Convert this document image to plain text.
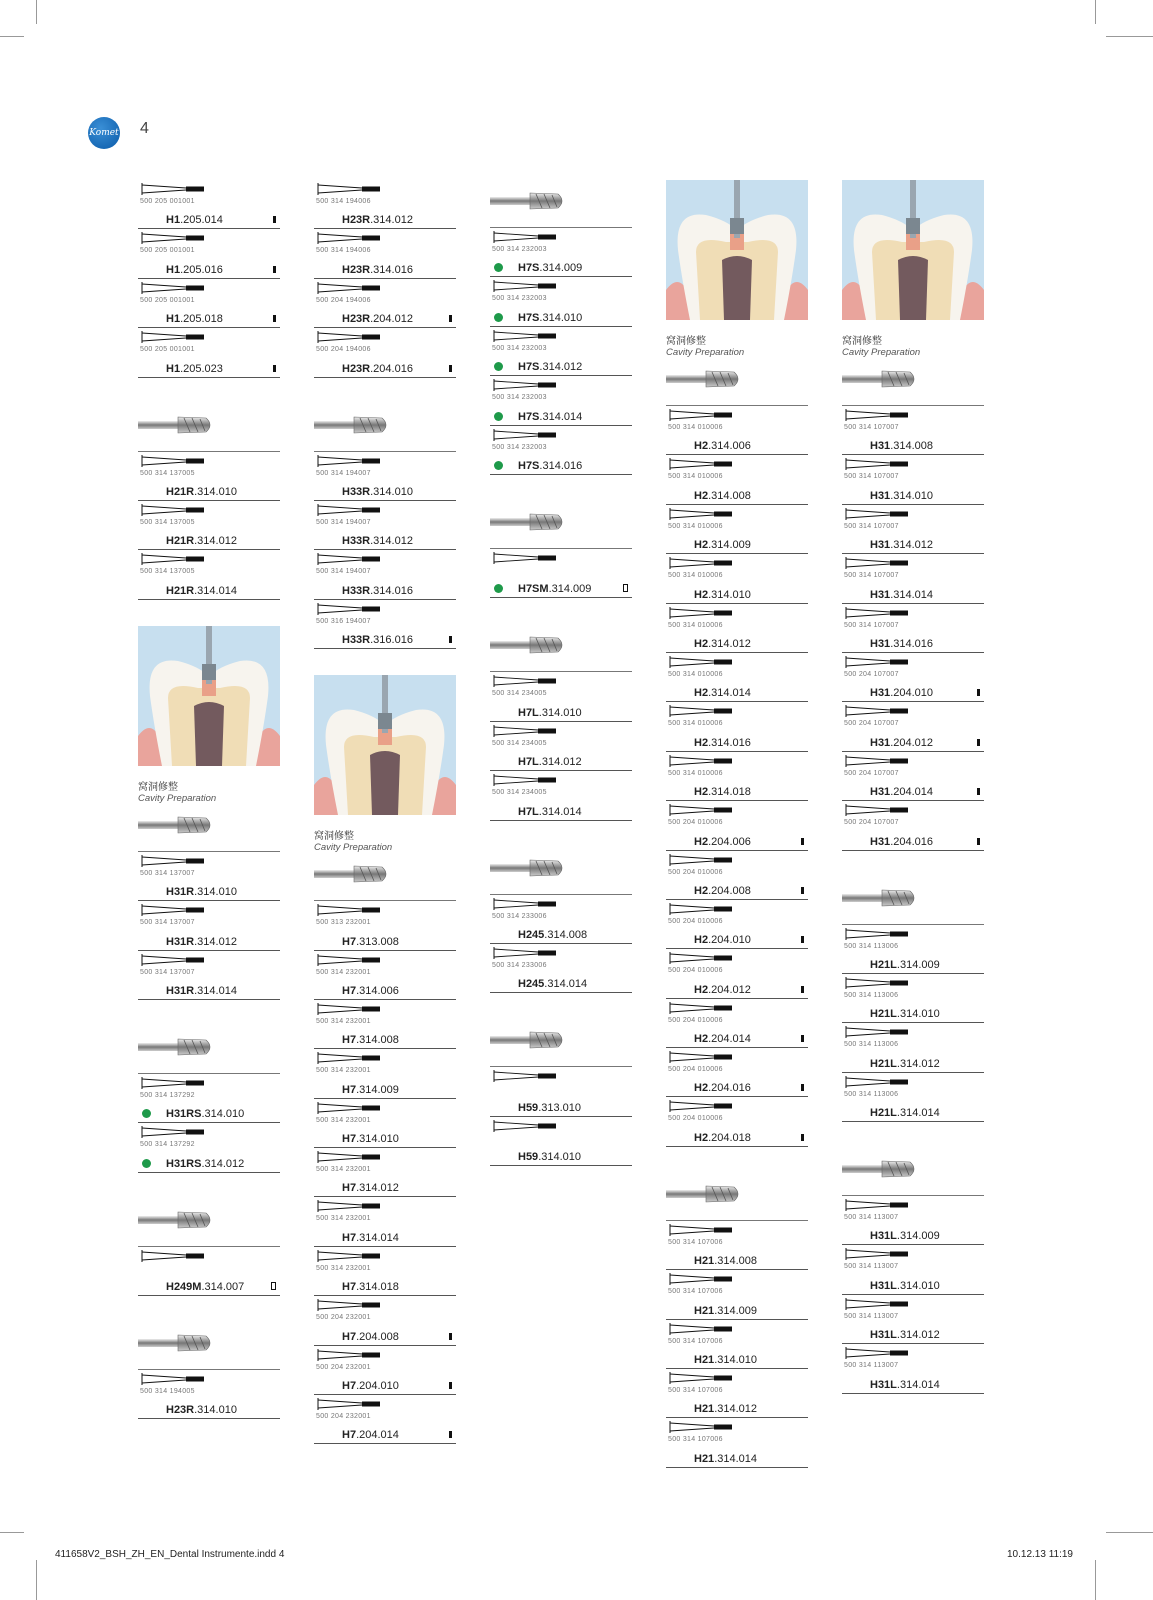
Komet 4
411658V2_BSH_ZH_EN_Dental Instrumente.indd 4	10.12.13 11:19
500 205 001001
H1.205.014
500 205 001001
H1.205.016
500 205 001001
H1.205.018
500 205 001001
H1.205.023
500 314 137005
H21R.314.010
500 314 137005
H21R.314.012
500 314 137005
H21R.314.014
窝洞修整
Cavity Preparation
500 314 137007
H31R.314.010
500 314 137007
H31R.314.012
500 314 137007
H31R.314.014
500 314 137292
H31RS.314.010
500 314 137292
H31RS.314.012
H249M.314.007
500 314 194005
H23R.314.010
500 314 194006
H23R.314.012
500 314 194006
H23R.314.016
500 204 194006
H23R.204.012
500 204 194006
H23R.204.016
500 314 194007
H33R.314.010
500 314 194007
H33R.314.012
500 314 194007
H33R.314.016
500 316 194007
H33R.316.016
窝洞修整
Cavity Preparation
500 313 232001
H7.313.008
500 314 232001
H7.314.006
500 314 232001
H7.314.008
500 314 232001
H7.314.009
500 314 232001
H7.314.010
500 314 232001
H7.314.012
500 314 232001
H7.314.014
500 314 232001
H7.314.018
500 204 232001
H7.204.008
500 204 232001
H7.204.010
500 204 232001
H7.204.014
500 314 232003
H7S.314.009
500 314 232003
H7S.314.010
500 314 232003
H7S.314.012
500 314 232003
H7S.314.014
500 314 232003
H7S.314.016
H7SM.314.009
500 314 234005
H7L.314.010
500 314 234005
H7L.314.012
500 314 234005
H7L.314.014
500 314 233006
H245.314.008
500 314 233006
H245.314.014
H59.313.010
H59.314.010
窝洞修整
Cavity Preparation
500 314 010006
H2.314.006
500 314 010006
H2.314.008
500 314 010006
H2.314.009
500 314 010006
H2.314.010
500 314 010006
H2.314.012
500 314 010006
H2.314.014
500 314 010006
H2.314.016
500 314 010006
H2.314.018
500 204 010006
H2.204.006
500 204 010006
H2.204.008
500 204 010006
H2.204.010
500 204 010006
H2.204.012
500 204 010006
H2.204.014
500 204 010006
H2.204.016
500 204 010006
H2.204.018
500 314 107006
H21.314.008
500 314 107006
H21.314.009
500 314 107006
H21.314.010
500 314 107006
H21.314.012
500 314 107006
H21.314.014
窝洞修整
Cavity Preparation
500 314 107007
H31.314.008
500 314 107007
H31.314.010
500 314 107007
H31.314.012
500 314 107007
H31.314.014
500 314 107007
H31.314.016
500 204 107007
H31.204.010
500 204 107007
H31.204.012
500 204 107007
H31.204.014
500 204 107007
H31.204.016
500 314 113006
H21L.314.009
500 314 113006
H21L.314.010
500 314 113006
H21L.314.012
500 314 113006
H21L.314.014
500 314 113007
H31L.314.009
500 314 113007
H31L.314.010
500 314 113007
H31L.314.012
500 314 113007
H31L.314.014
